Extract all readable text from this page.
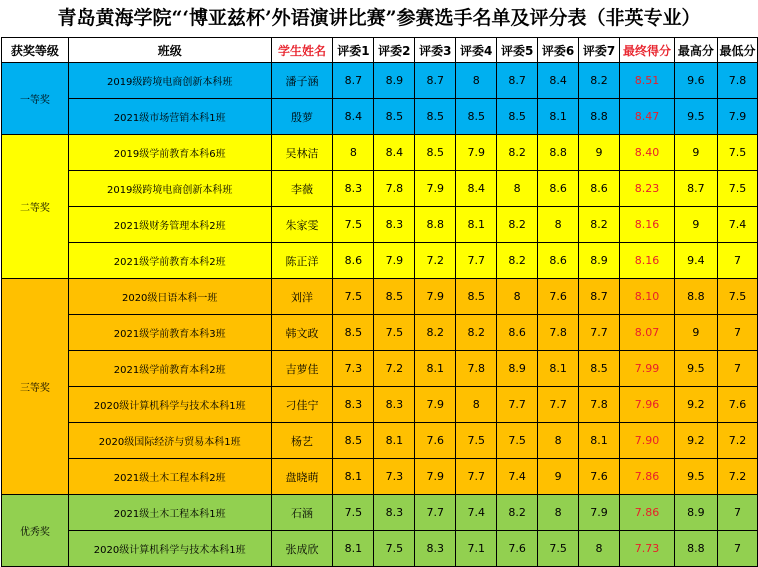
青岛黄海学院“‘博亚兹杯’外语演讲比赛”参赛选手名单及评分表（非英专业）
获奖等级	班级	学生姓名	评委1	评委2	评委3	评委4	评委5	评委6	评委7	最终得分	最高分	最低分
一等奖	2019级跨境电商创新本科班	潘子涵	8.7	8.9	8.7	8	8.7	8.4	8.2	8.51	9.6	7.8
	2021级市场营销本科1班	殷萝	8.4	8.5	8.5	8.5	8.5	8.1	8.8	8.47	9.5	7.9
二等奖	2019级学前教育本科6班	吴林洁	8	8.4	8.5	7.9	8.2	8.8	9	8.40	9	7.5
	2019级跨境电商创新本科班	李薇	8.3	7.8	7.9	8.4	8	8.6	8.6	8.23	8.7	7.5
	2021级财务管理本科2班	朱家雯	7.5	8.3	8.8	8.1	8.2	8	8.2	8.16	9	7.4
	2021级学前教育本科2班	陈正洋	8.6	7.9	7.2	7.7	8.2	8.6	8.9	8.16	9.4	7
三等奖	2020级日语本科一班	刘洋	7.5	8.5	7.9	8.5	8	7.6	8.7	8.10	8.8	7.5
	2021级学前教育本科3班	韩文政	8.5	7.5	8.2	8.2	8.6	7.8	7.7	8.07	9	7
	2021级学前教育本科2班	吉萝佳	7.3	7.2	8.1	7.8	8.9	8.1	8.5	7.99	9.5	7
	2020级计算机科学与技术本科1班	刁佳宁	8.3	8.3	7.9	8	7.7	7.7	7.8	7.96	9.2	7.6
	2020级国际经济与贸易本科1班	杨艺	8.5	8.1	7.6	7.5	7.5	8	8.1	7.90	9.2	7.2
	2021级土木工程本科2班	盘晓萌	8.1	7.3	7.9	7.7	7.4	9	7.6	7.86	9.5	7.2
优秀奖	2021级土木工程本科1班	石涵	7.5	8.3	7.7	7.4	8.2	8	7.9	7.86	8.9	7
	2020级计算机科学与技术本科1班	张成欣	8.1	7.5	8.3	7.1	7.6	7.5	8	7.73	8.8	7
